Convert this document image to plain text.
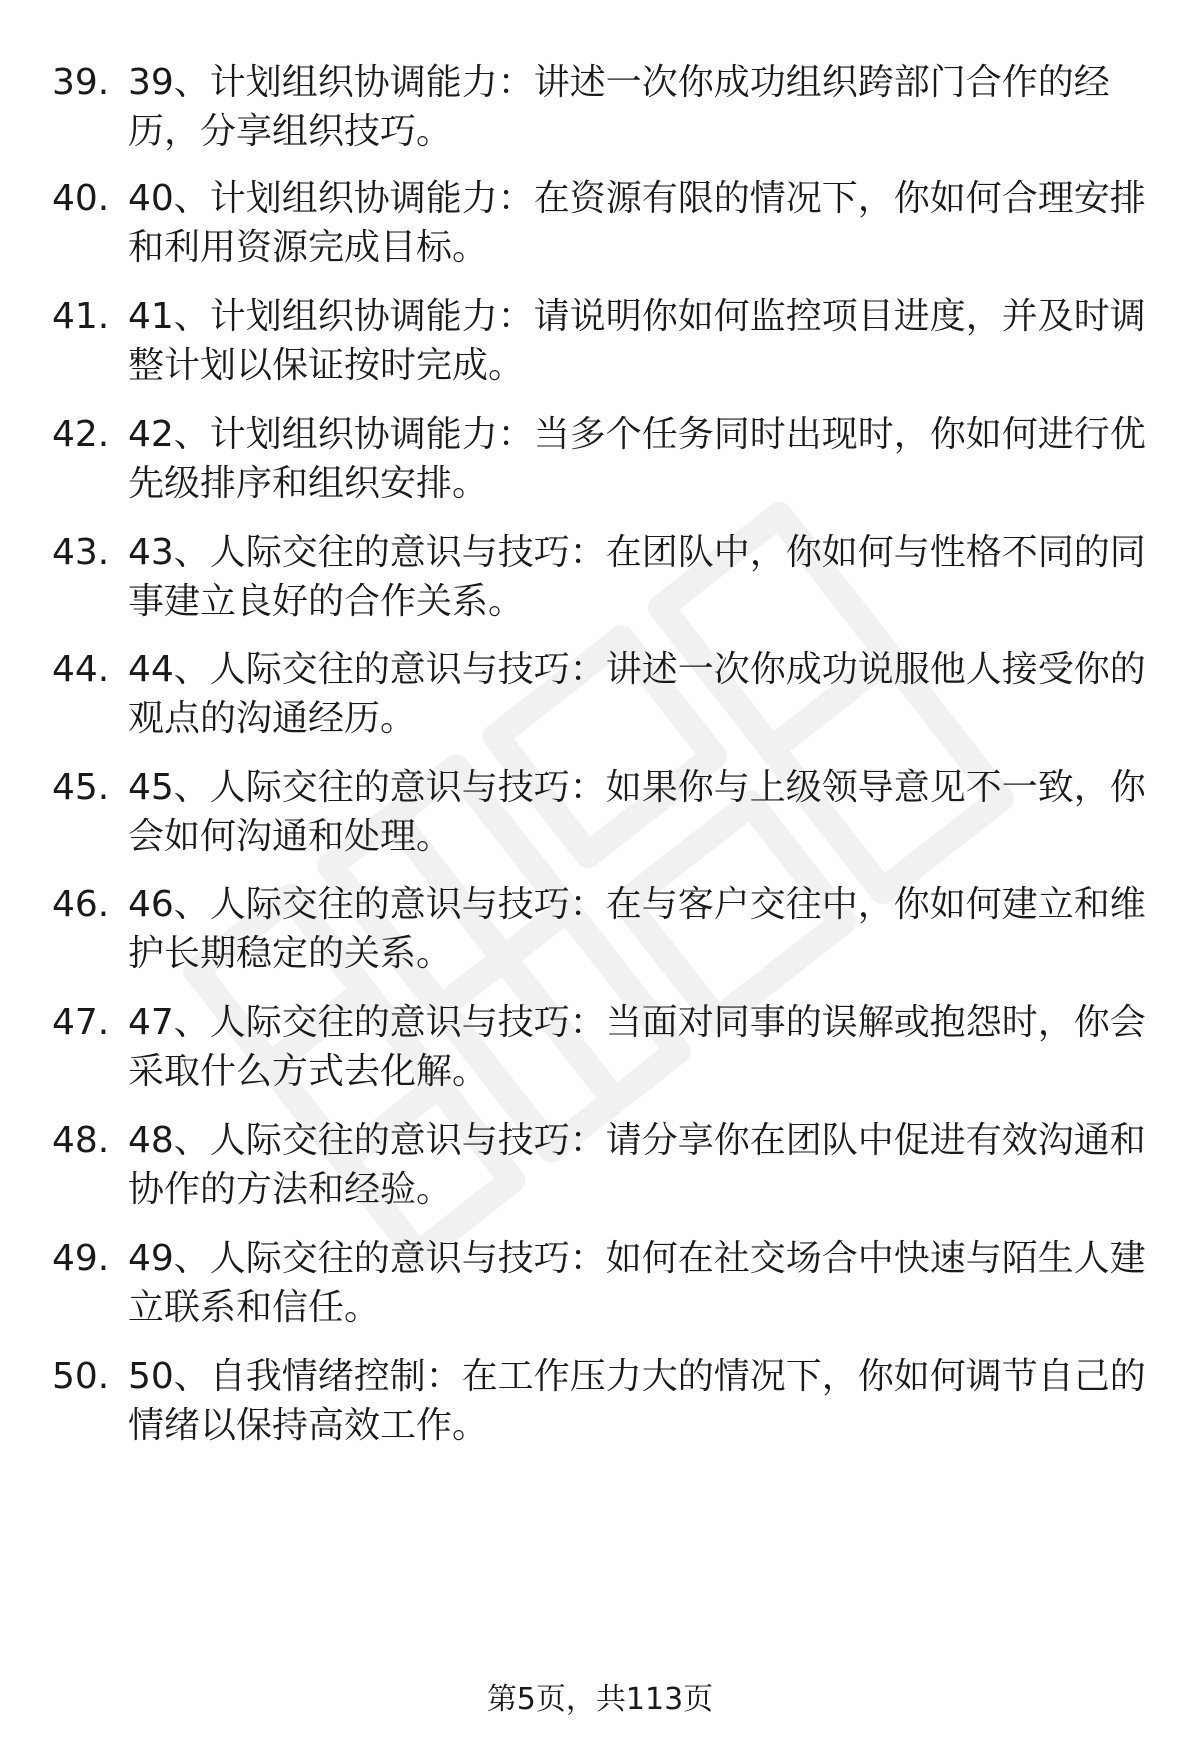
39. 39、计划组织协调能力：讲述一次你成功组织跨部门合作的经历，分享组织技巧。
40. 40、计划组织协调能力：在资源有限的情况下，你如何合理安排和利用资源完成目标。
41. 41、计划组织协调能力：请说明你如何监控项目进度，并及时调整计划以保证按时完成。
42. 42、计划组织协调能力：当多个任务同时出现时，你如何进行优先级排序和组织安排。
43. 43、人际交往的意识与技巧：在团队中，你如何与性格不同的同事建立良好的合作关系。
44. 44、人际交往的意识与技巧：讲述一次你成功说服他人接受你的观点的沟通经历。
45. 45、人际交往的意识与技巧：如果你与上级领导意见不一致，你会如何沟通和处理。
46. 46、人际交往的意识与技巧：在与客户交往中，你如何建立和维护长期稳定的关系。
47. 47、人际交往的意识与技巧：当面对同事的误解或抱怨时，你会采取什么方式去化解。
48. 48、人际交往的意识与技巧：请分享你在团队中促进有效沟通和协作的方法和经验。
49. 49、人际交往的意识与技巧：如何在社交场合中快速与陌生人建立联系和信任。
50. 50、自我情绪控制：在工作压力大的情况下，你如何调节自己的情绪以保持高效工作。
第5页，共113页
